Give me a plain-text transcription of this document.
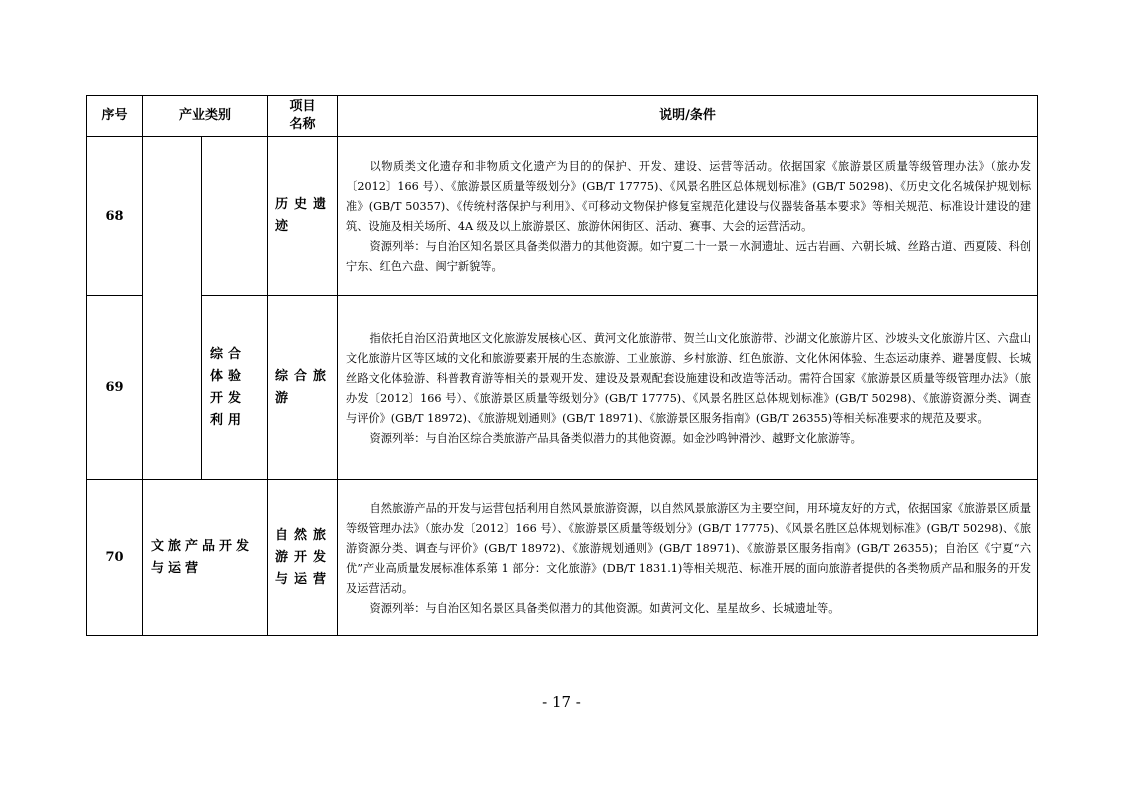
序号	产业类别		项目名称	说明/条件
68			历史遗迹	以物质类文化遗存和非物质文化遗产为目的的保护、开发、建设、运营等活动。依据国家《旅游景区质量等级管理办法》（旅办发〔2012〕166 号）、《旅游景区质量等级划分》(GB/T 17775)、《风景名胜区总体规划标准》(GB/T 50298)、《历史文化名城保护规划标准》(GB/T 50357)、《传统村落保护与利用》、《可移动文物保护修复室规范化建设与仪器装备基本要求》等相关规范、标准设计建设的建筑、设施及相关场所、4A 级及以上旅游景区、旅游休闲街区、活动、赛事、大会的运营活动。

资源列举：与自治区知名景区具备类似潜力的其他资源。如宁夏二十一景－水洞遗址、远古岩画、六朝长城、丝路古道、西夏陵、科创宁东、红色六盘、闽宁新貌等。

69		综合体验开发利用	综合旅游	指依托自治区沿黄地区文化旅游发展核心区、黄河文化旅游带、贺兰山文化旅游带、沙湖文化旅游片区、沙坡头文化旅游片区、六盘山文化旅游片区等区域的文化和旅游要素开展的生态旅游、工业旅游、乡村旅游、红色旅游、文化休闲体验、生态运动康养、避暑度假、长城丝路文化体验游、科普教育游等相关的景观开发、建设及景观配套设施建设和改造等活动。需符合国家《旅游景区质量等级管理办法》（旅办发〔2012〕166 号）、《旅游景区质量等级划分》(GB/T 17775)、《风景名胜区总体规划标准》(GB/T 50298)、《旅游资源分类、调查与评价》(GB/T 18972)、《旅游规划通则》(GB/T 18971)、《旅游景区服务指南》(GB/T 26355)等相关标准要求的规范及要求。

资源列举：与自治区综合类旅游产品具备类似潜力的其他资源。如金沙鸣钟滑沙、越野文化旅游等。

70	文旅产品开发与运营		自然旅游开发与运营	自然旅游产品的开发与运营包括利用自然风景旅游资源，以自然风景旅游区为主要空间，用环境友好的方式，依据国家《旅游景区质量等级管理办法》（旅办发〔2012〕166 号）、《旅游景区质量等级划分》(GB/T 17775)、《风景名胜区总体规划标准》(GB/T 50298)、《旅游资源分类、调查与评价》(GB/T 18972)、《旅游规划通则》(GB/T 18971)、《旅游景区服务指南》(GB/T 26355)；自治区《宁夏“六优”产业高质量发展标准体系第 1 部分：文化旅游》(DB/T 1831.1)等相关规范、标准开展的面向旅游者提供的各类物质产品和服务的开发及运营活动。

资源列举：与自治区知名景区具备类似潜力的其他资源。如黄河文化、星星故乡、长城遗址等。

- 17 -
